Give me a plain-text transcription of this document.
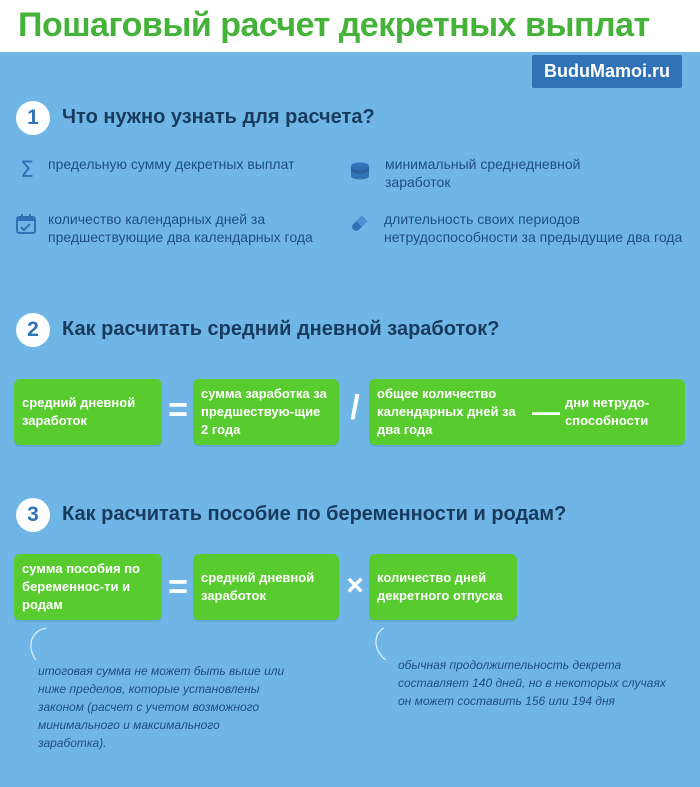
Пошаговый расчет декретных выплат
BuduMamoi.ru
1	Что нужно узнать для расчета?
Σ предельную сумму декретных выплат	минимальный среднедневной заработок
количество календарных дней за предшествующие два календарных года
длительность своих периодов нетрудоспособности за предыдущие два года
2	Как расчитать средний дневной заработок?
средний дневной заработок	=	сумма заработка за предшествую-щие 2 года
/	общее количество календарных дней за два года
— дни нетрудо-способности
3	Как расчитать пособие по беременности и родам?
сумма пособия по беременнос-ти и родам	=	средний дневной заработок	×	количество дней декретного отпуска
итоговая сумма не может быть выше или ниже пределов, которые установлены законом (расчет с учетом возможного минимального и максимального заработка).
обычная продолжительность декрета составляет 140 дней, но в некоторых случаях он может составить 156 или 194 дня
